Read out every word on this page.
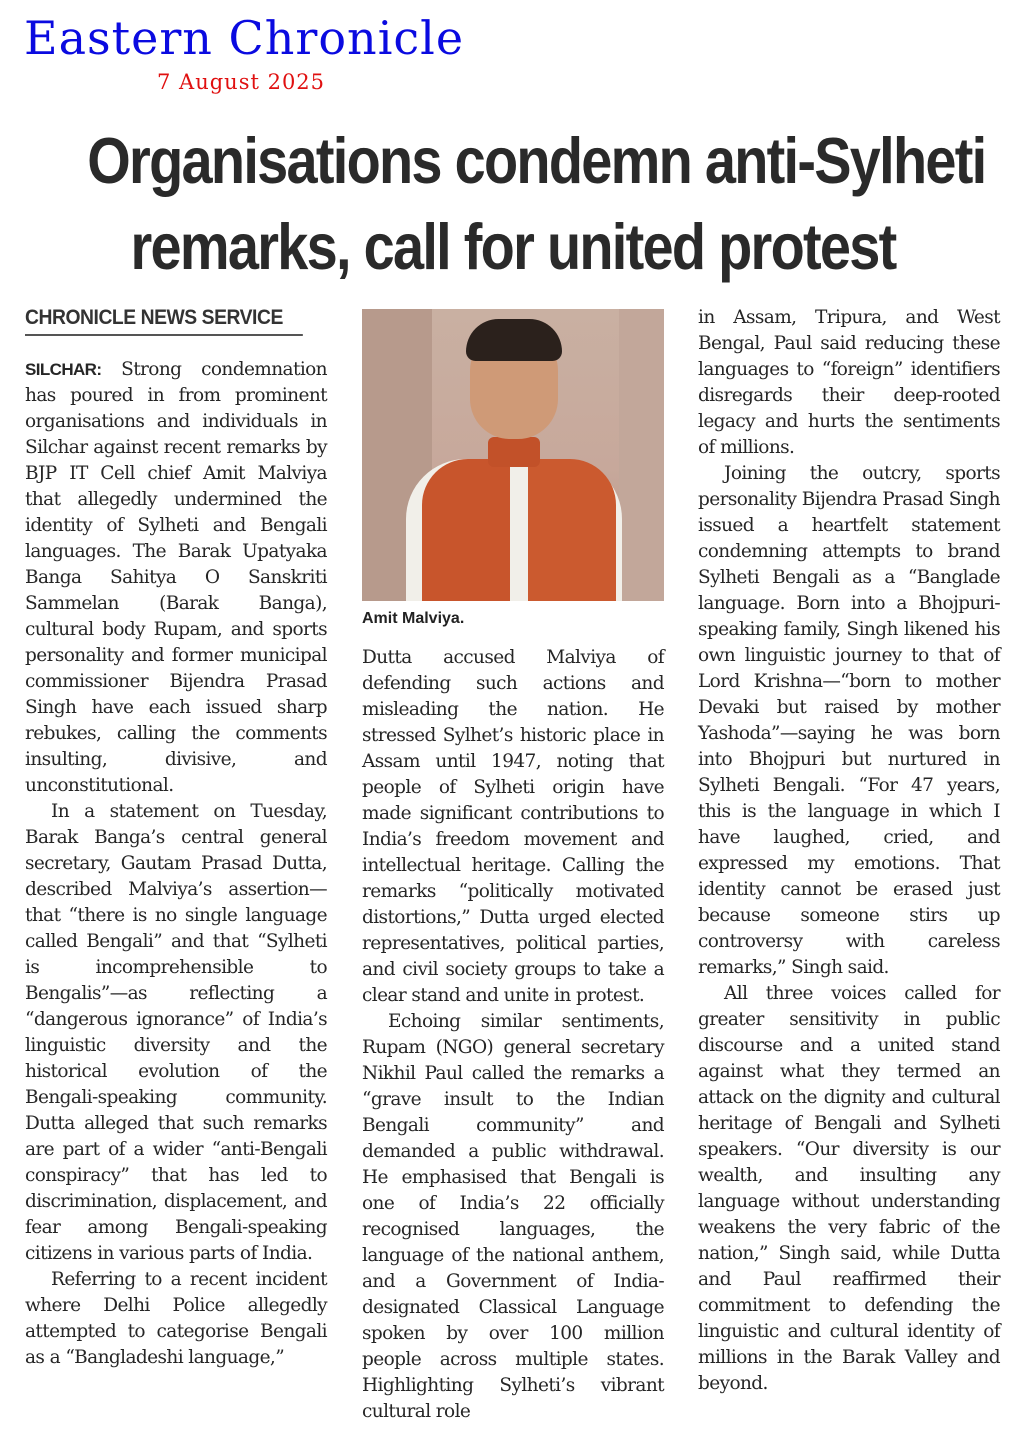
Eastern Chronicle
7 August 2025
Organisations condemn anti-Sylheti
remarks, call for united protest
CHRONICLE NEWS SERVICE

SILCHAR: Strong condemnation has poured in from prominent organisations and individuals in Silchar against recent remarks by BJP IT Cell chief Amit Malviya that allegedly undermined the identity of Sylheti and Bengali languages. The Barak Upatyaka Banga Sahitya O Sanskriti Sammelan (Barak Banga), cultural body Rupam, and sports personality and former municipal commissioner Bijendra Prasad Singh have each issued sharp rebukes, calling the comments insulting, divisive, and unconstitutional.

In a statement on Tuesday, Barak Banga’s central general secretary, Gautam Prasad Dutta, described Malviya’s assertion—that “there is no single language called Bengali” and that “Sylheti is incomprehensible to Bengalis”—as reflecting a “dangerous ignorance” of India’s linguistic diversity and the historical evolution of the Bengali-speaking community. Dutta alleged that such remarks are part of a wider “anti-Bengali conspiracy” that has led to discrimination, displacement, and fear among Bengali-speaking citizens in various parts of India.

Referring to a recent incident where Delhi Police allegedly attempted to categorise Bengali as a “Bangladeshi language,”

Amit Malviya.

Dutta accused Malviya of defending such actions and misleading the nation. He stressed Sylhet’s historic place in Assam until 1947, noting that people of Sylheti origin have made significant contributions to India’s freedom movement and intellectual heritage. Calling the remarks “politically motivated distortions,” Dutta urged elected representatives, political parties, and civil society groups to take a clear stand and unite in protest.

Echoing similar sentiments, Rupam (NGO) general secretary Nikhil Paul called the remarks a “grave insult to the Indian Bengali community” and demanded a public withdrawal. He emphasised that Bengali is one of India’s 22 officially recognised languages, the language of the national anthem, and a Government of India-designated Classical Language spoken by over 100 million people across multiple states. Highlighting Sylheti’s vibrant cultural role

in Assam, Tripura, and West Bengal, Paul said reducing these languages to “foreign” identifiers disregards their deep-rooted legacy and hurts the sentiments of millions.

Joining the outcry, sports personality Bijendra Prasad Singh issued a heartfelt statement condemning attempts to brand Sylheti Bengali as a “Banglade language. Born into a Bhojpuri-speaking family, Singh likened his own linguistic journey to that of Lord Krishna—“born to mother Devaki but raised by mother Yashoda”—saying he was born into Bhojpuri but nurtured in Sylheti Bengali. “For 47 years, this is the language in which I have laughed, cried, and expressed my emotions. That identity cannot be erased just because someone stirs up controversy with careless remarks,” Singh said.

All three voices called for greater sensitivity in public discourse and a united stand against what they termed an attack on the dignity and cultural heritage of Bengali and Sylheti speakers. “Our diversity is our wealth, and insulting any language without understanding weakens the very fabric of the nation,” Singh said, while Dutta and Paul reaffirmed their commitment to defending the linguistic and cultural identity of millions in the Barak Valley and beyond.
